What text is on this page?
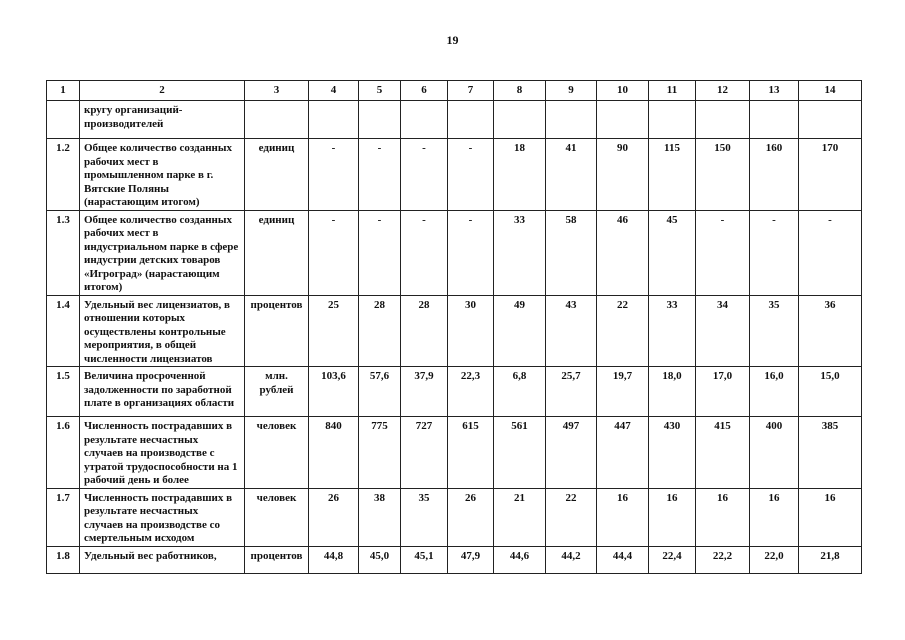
19
1	2	3	4	5	6	7	8	9	10	11	12	13	14
	кругу организаций-производителей												
1.2	Общее количество созданных рабочих мест в промышленном парке в г. Вятские Поляны (нарастающим итогом)	единиц	-	-	-	-	18	41	90	115	150	160	170
1.3	Общее количество созданных рабочих мест в индустриальном парке в сфере индустрии детских товаров «Игроград» (нарастающим итогом)	единиц	-	-	-	-	33	58	46	45	-	-	-
1.4	Удельный вес лицензиатов, в отношении которых осуществлены контрольные мероприятия, в общей численности лицензиатов	процентов	25	28	28	30	49	43	22	33	34	35	36
1.5	Величина просроченной задолженности по заработной плате в организациях области	млн. рублей	103,6	57,6	37,9	22,3	6,8	25,7	19,7	18,0	17,0	16,0	15,0
1.6	Численность пострадавших в результате несчастных случаев на производстве с утратой трудоспособности на 1 рабочий день и более	человек	840	775	727	615	561	497	447	430	415	400	385
1.7	Численность пострадавших в результате несчастных случаев на производстве со смертельным исходом	человек	26	38	35	26	21	22	16	16	16	16	16
1.8	Удельный вес работников,	процентов	44,8	45,0	45,1	47,9	44,6	44,2	44,4	22,4	22,2	22,0	21,8
